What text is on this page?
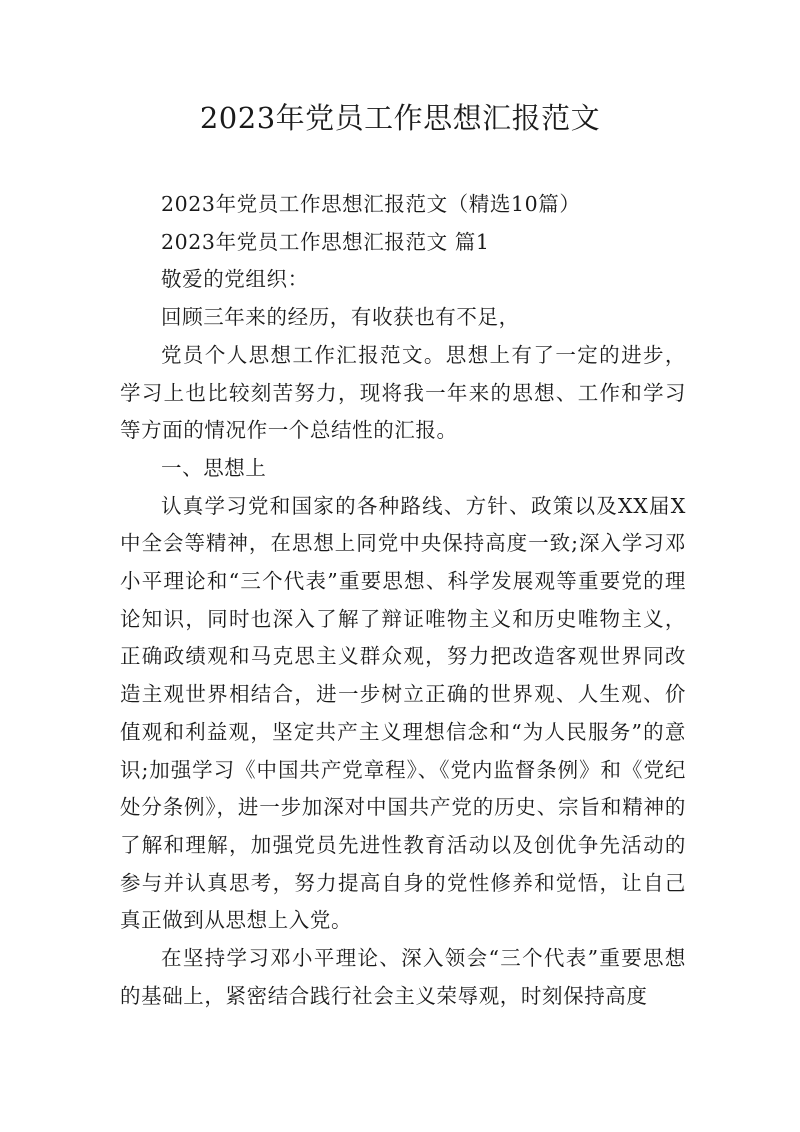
2023年党员工作思想汇报范文

2023年党员工作思想汇报范文（精选10篇）

2023年党员工作思想汇报范文 篇1

敬爱的党组织：

回顾三年来的经历，有收获也有不足，

党员个人思想工作汇报范文。思想上有了一定的进步，学习上也比较刻苦努力，现将我一年来的思想、工作和学习等方面的情况作一个总结性的汇报。

一、思想上

认真学习党和国家的各种路线、方针、政策以及XX届X中全会等精神，在思想上同党中央保持高度一致;深入学习邓小平理论和“三个代表”重要思想、科学发展观等重要党的理论知识，同时也深入了解了辩证唯物主义和历史唯物主义，正确政绩观和马克思主义群众观，努力把改造客观世界同改造主观世界相结合，进一步树立正确的世界观、人生观、价值观和利益观，坚定共产主义理想信念和“为人民服务”的意识;加强学习《中国共产党章程》、《党内监督条例》和《党纪处分条例》，进一步加深对中国共产党的历史、宗旨和精神的了解和理解，加强党员先进性教育活动以及创优争先活动的参与并认真思考，努力提高自身的党性修养和觉悟，让自己真正做到从思想上入党。

在坚持学习邓小平理论、深入领会“三个代表”重要思想的基础上，紧密结合践行社会主义荣辱观，时刻保持高度
